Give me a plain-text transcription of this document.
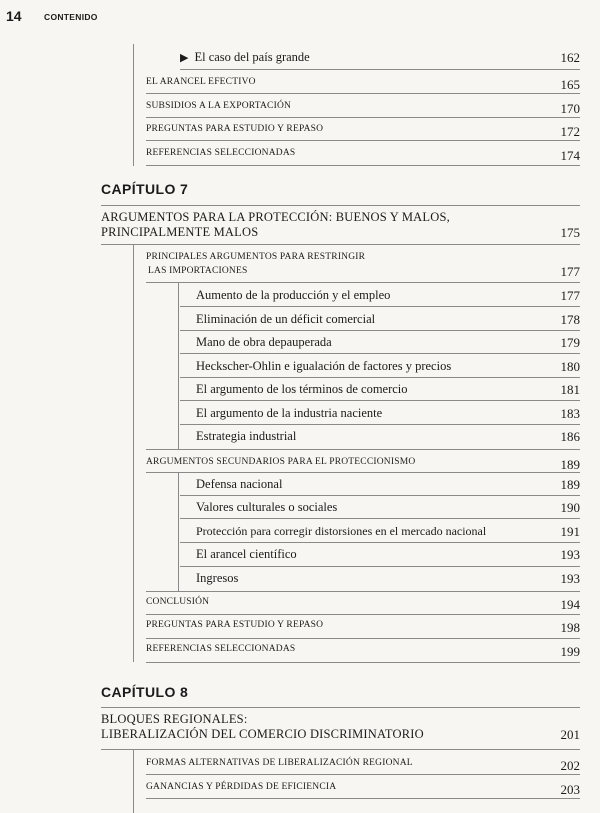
14	CONTENIDO
▶ El caso del país grande	162
EL ARANCEL EFECTIVO	165
SUBSIDIOS A LA EXPORTACIÓN	170
PREGUNTAS PARA ESTUDIO Y REPASO	172
REFERENCIAS SELECCIONADAS	174
CAPÍTULO 7
ARGUMENTOS PARA LA PROTECCIÓN: BUENOS Y MALOS,
PRINCIPALMENTE MALOS	175
PRINCIPALES ARGUMENTOS PARA RESTRINGIR
LAS IMPORTACIONES	177
Aumento de la producción y el empleo	177
Eliminación de un déficit comercial	178
Mano de obra depauperada	179
Heckscher-Ohlin e igualación de factores y precios	180
El argumento de los términos de comercio	181
El argumento de la industria naciente	183
Estrategia industrial	186
ARGUMENTOS SECUNDARIOS PARA EL PROTECCIONISMO	189
Defensa nacional	189
Valores culturales o sociales	190
Protección para corregir distorsiones en el mercado nacional	191
El arancel científico	193
Ingresos	193
CONCLUSIÓN	194
PREGUNTAS PARA ESTUDIO Y REPASO	198
REFERENCIAS SELECCIONADAS	199
CAPÍTULO 8
BLOQUES REGIONALES:
LIBERALIZACIÓN DEL COMERCIO DISCRIMINATORIO	201
FORMAS ALTERNATIVAS DE LIBERALIZACIÓN REGIONAL	202
GANANCIAS Y PÉRDIDAS DE EFICIENCIA	203
